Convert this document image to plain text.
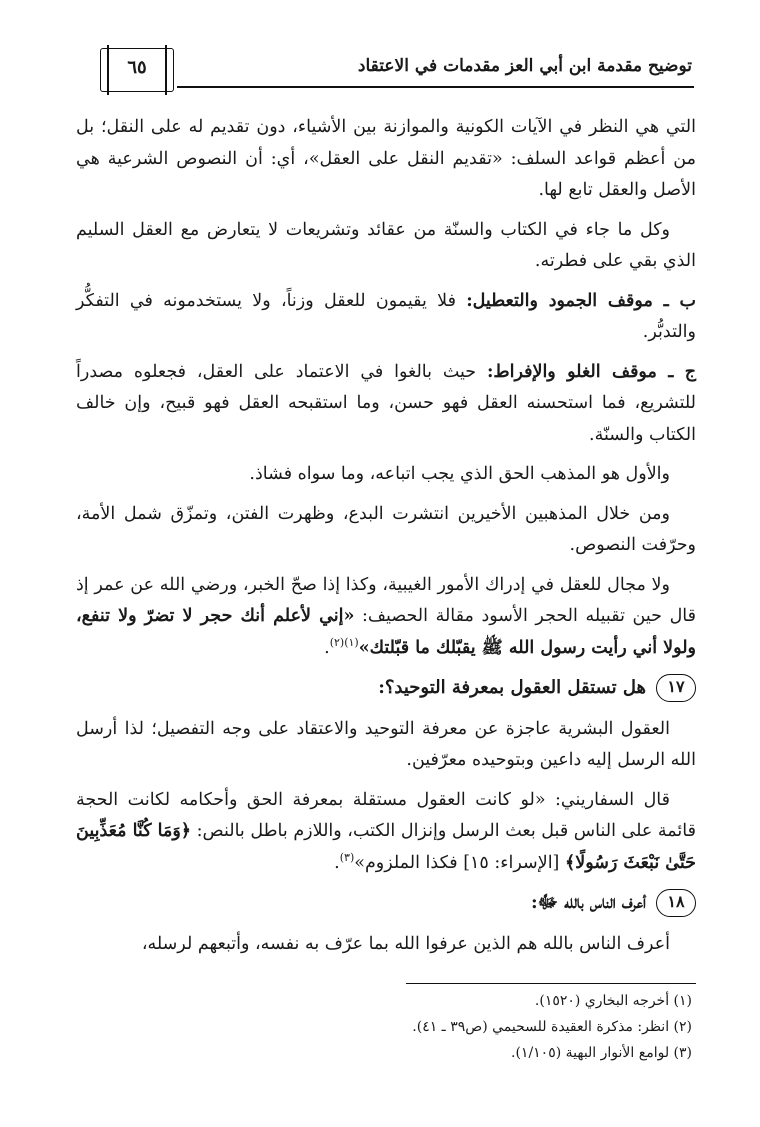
توضيح مقدمة ابن أبي العز مقدمات في الاعتقاد
٦٥

التي هي النظر في الآيات الكونية والموازنة بين الأشياء، دون تقديم له على النقل؛ بل من أعظم قواعد السلف: «تقديم النقل على العقل»، أي: أن النصوص الشرعية هي الأصل والعقل تابع لها.

وكل ما جاء في الكتاب والسنّة من عقائد وتشريعات لا يتعارض مع العقل السليم الذي بقي على فطرته.

ب ـ موقف الجمود والتعطيل: فلا يقيمون للعقل وزناً، ولا يستخدمونه في التفكُّر والتدبُّر.

ج ـ موقف الغلو والإفراط: حيث بالغوا في الاعتماد على العقل، فجعلوه مصدراً للتشريع، فما استحسنه العقل فهو حسن، وما استقبحه العقل فهو قبيح، وإن خالف الكتاب والسنّة.

والأول هو المذهب الحق الذي يجب اتباعه، وما سواه فشاذ.

ومن خلال المذهبين الأخيرين انتشرت البدع، وظهرت الفتن، وتمزّق شمل الأمة، وحرّفت النصوص.

ولا مجال للعقل في إدراك الأمور الغيبية، وكذا إذا صحّ الخبر، ورضي الله عن عمر إذ قال حين تقبيله الحجر الأسود مقالة الحصيف: «إني لأعلم أنك حجر لا تضرّ ولا تنفع، ولولا أني رأيت رسول الله ﷺ يقبّلك ما قبّلتك»$^{(١)(٢)}$.

١٧
هل تستقل العقول بمعرفة التوحيد؟:

العقول البشرية عاجزة عن معرفة التوحيد والاعتقاد على وجه التفصيل؛ لذا أرسل الله الرسل إليه داعين وبتوحيده معرّفين.

قال السفاريني: «لو كانت العقول مستقلة بمعرفة الحق وأحكامه لكانت الحجة قائمة على الناس قبل بعث الرسل وإنزال الكتب، واللازم باطل بالنص: ﴿وَمَا كُنَّا مُعَذِّبِينَ حَتَّىٰ نَبْعَثَ رَسُولًا﴾ [الإسراء: ١٥] فكذا الملزوم»$^{(٣)}$.

١٨
أعرف الناس بالله ﷻ:

أعرف الناس بالله هم الذين عرفوا الله بما عرّف به نفسه، وأتبعهم لرسله،

(١) أخرجه البخاري (١٥٢٠).
(٢) انظر: مذكرة العقيدة للسحيمي (ص٣٩ ـ ٤١).
(٣) لوامع الأنوار البهية (١/١٠٥).
